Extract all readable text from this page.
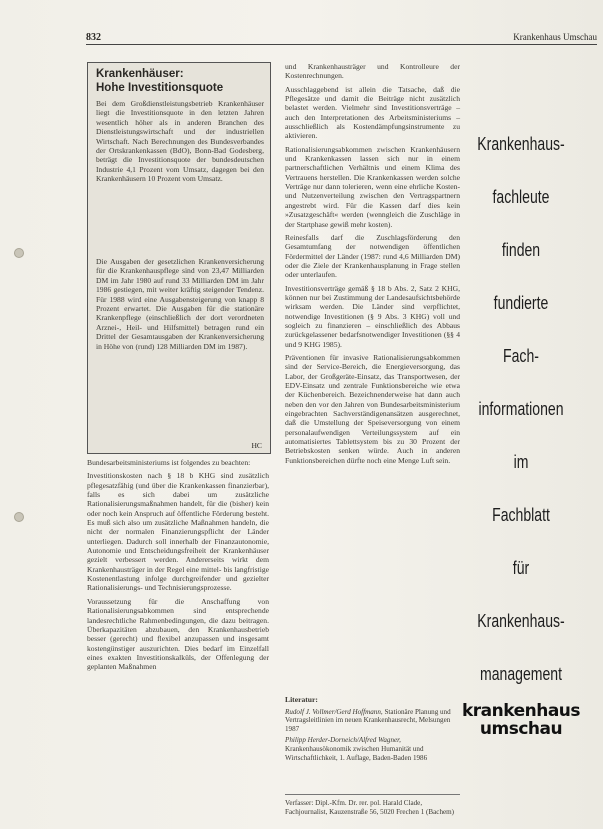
832	Krankenhaus Umschau
Krankenhäuser:
Hohe Investitionsquote

Bei dem Großdienstleistungsbetrieb Krankenhäuser liegt die Investitionsquote in den letzten Jahren wesentlich höher als in anderen Branchen des Dienstleistungswirtschaft und der industriellen Wirtschaft. Nach Berechnungen des Bundesverbandes der Ortskrankenkassen (BdO), Bonn-Bad Godesberg, beträgt die Investitionsquote der bundesdeutschen Industrie 4,1 Prozent vom Umsatz, dagegen bei den Krankenhäusern 10 Prozent vom Umsatz.

Die Ausgaben der gesetzlichen Krankenversicherung für die Krankenhauspflege sind von 23,47 Milliarden DM im Jahr 1980 auf rund 33 Milliarden DM im Jahr 1986 gestiegen, mit weiter kräftig steigender Tendenz. Für 1988 wird eine Ausgabensteigerung von knapp 8 Prozent erwartet. Die Ausgaben für die stationäre Krankenpflege (einschließlich der dort verordneten Arznei-, Heil- und Hilfsmittel) betragen rund ein Drittel der Gesamtausgaben der Krankenversicherung in Höhe von (rund) 128 Milliarden DM im 1987).

HC

Bundesarbeitsministeriums ist folgendes zu beachten:

Investitionskosten nach § 18 b KHG sind zusätzlich pflegesatzfähig (und über die Krankenkassen finanzierbar), falls es sich dabei um zusätzliche Rationalisierungsmaßnahmen handelt, für die (bisher) kein oder noch kein Anspruch auf öffentliche Förderung besteht. Es muß sich also um zusätzliche Maßnahmen handeln, die nicht der normalen Finanzierungspflicht der Länder unterliegen. Dadurch soll innerhalb der Finanzautonomie, Autonomie und Entscheidungsfreiheit der Krankenhäuser gezielt verbessert werden. Andererseits wirkt dem Krankenhausträger in der Regel eine mittel- bis langfristige Kostenentlastung infolge durchgreifender und gezielter Rationalisierungs- und Technisierungsprozesse.

Voraussetzung für die Anschaffung von Rationalisierungsabkommen sind entsprechende landesrechtliche Rahmenbedingungen, die dazu beitragen. Überkapazitäten abzubauen, den Krankenhausbetrieb besser (gerecht) und flexibel anzupassen und insgesamt kostengünstiger auszurichten. Dies bedarf im Einzelfall eines exakten Investitionskalküls, der Offenlegung der geplanten Maßnahmen

und Krankenhausträger und Kontrolleure der Kostenrechnungen.

Ausschlaggebend ist allein die Tatsache, daß die Pflegesätze und damit die Beiträge nicht zusätzlich belastet werden. Vielmehr sind Investitionsverträge – auch den Interpretationen des Arbeitsministeriums – ausschließlich als Kostendämpfungsinstrumente zu aktivieren.

Rationalisierungsabkommen zwischen Krankenhäusern und Krankenkassen lassen sich nur in einem partnerschaftlichen Verhältnis und einem Klima des Vertrauens herstellen. Die Krankenkassen werden solche Verträge nur dann tolerieren, wenn eine ehrliche Kosten- und Nutzenverteilung zwischen den Vertragspartnern angestrebt wird. Für die Kassen darf dies kein »Zusatzgeschäft« werden (wenngleich die Zuschläge in der Startphase gewiß mehr kosten).

Reinesfalls darf die Zuschlagsförderung den Gesamtumfang der notwendigen öffentlichen Fördermittel der Länder (1987: rund 4,6 Milliarden DM) oder die Ziele der Krankenhausplanung in Frage stellen oder unterlaufen.

Investitionsverträge gemäß § 18 b Abs. 2, Satz 2 KHG, können nur bei Zustimmung der Landesaufsichtsbehörde wirksam werden. Die Länder sind verpflichtet, notwendige Investitionen (§ 9 Abs. 3 KHG) voll und sogleich zu finanzieren – einschließlich des Abbaus zurückgelassener bedarfsnotwendiger Investitionen (§§ 4 und 9 KHG 1985).

Präventionen für invasive Rationalisierungsabkommen sind der Service-Bereich, die Energieversorgung, das Labor, der Großgeräte-Einsatz, das Transportwesen, der EDV-Einsatz und zentrale Funktionsbereiche wie etwa der Küchenbereich. Bezeichnenderweise hat dann auch neben den vor den Jahren von Bundesarbeitsministerium eingebrachten Sachverständigenansätzen ausgerechnet, daß die Umstellung der Speiseversorgung von einem personalaufwendigen Verteilungssystem auf ein automatisiertes Tablettsystem bis zu 30 Prozent der Betriebskosten senken würde. Auch in anderen Funktionsbereichen dürfte noch eine Menge Luft sein.

Literatur:

Rudolf J. Vollmer/Gerd Hoffmann, Stationäre Planung und Vertragsleitlinien im neuen Krankenhausrecht, Melsungen 1987

Philipp Herder-Dorneich/Alfred Wagner, Krankenhausökonomik zwischen Humanität und Wirtschaftlichkeit, 1. Auflage, Baden-Baden 1986

Verfasser: Dipl.-Kfm. Dr. rer. pol. Harald Clade, Fachjournalist, Kauzenstraße 56, 5020 Frechen 1 (Bachem)
Krankenhaus-
fachleute
finden
fundierte
Fach-
informationen
im
Fachblatt
für
Krankenhaus-
management
krankenhaus
umschau
